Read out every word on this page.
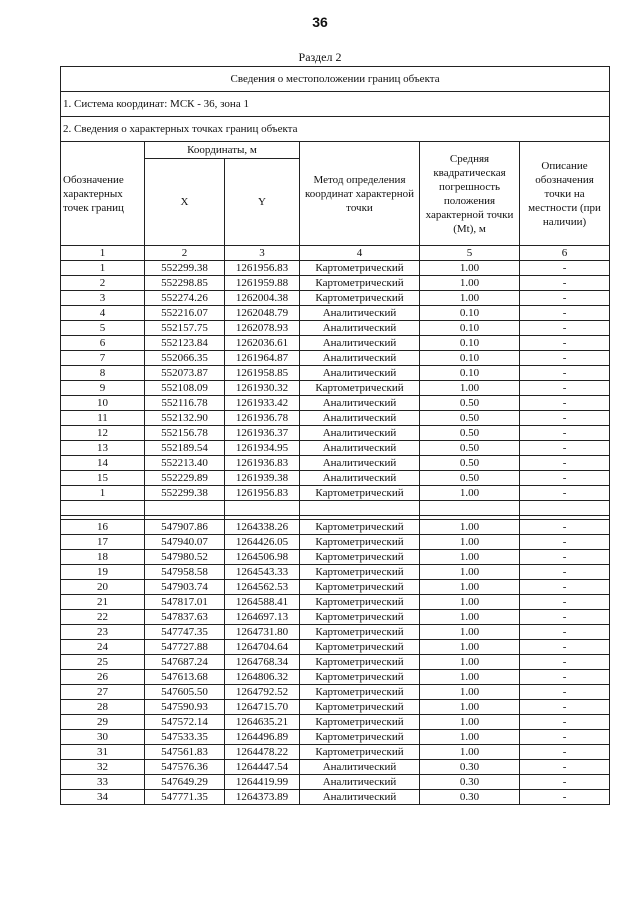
36
Раздел 2
Сведения о местоположении границ объекта					
1. Система координат: МСК - 36, зона 1					
2. Сведения о характерных точках границ объекта					
Обозначение характерных точек границ	Координаты, м		Метод определения координат характерной точки	Средняя квадратическая погрешность положения характерной точки (Mt), м	Описание обозначения точки на местности (при наличии)
	X	Y			
1	2	3	4	5	6
1	552299.38	1261956.83	Картометрический	1.00	-
2	552298.85	1261959.88	Картометрический	1.00	-
3	552274.26	1262004.38	Картометрический	1.00	-
4	552216.07	1262048.79	Аналитический	0.10	-
5	552157.75	1262078.93	Аналитический	0.10	-
6	552123.84	1262036.61	Аналитический	0.10	-
7	552066.35	1261964.87	Аналитический	0.10	-
8	552073.87	1261958.85	Аналитический	0.10	-
9	552108.09	1261930.32	Картометрический	1.00	-
10	552116.78	1261933.42	Аналитический	0.50	-
11	552132.90	1261936.78	Аналитический	0.50	-
12	552156.78	1261936.37	Аналитический	0.50	-
13	552189.54	1261934.95	Аналитический	0.50	-
14	552213.40	1261936.83	Аналитический	0.50	-
15	552229.89	1261939.38	Аналитический	0.50	-
1	552299.38	1261956.83	Картометрический	1.00	-

16	547907.86	1264338.26	Картометрический	1.00	-
17	547940.07	1264426.05	Картометрический	1.00	-
18	547980.52	1264506.98	Картометрический	1.00	-
19	547958.58	1264543.33	Картометрический	1.00	-
20	547903.74	1264562.53	Картометрический	1.00	-
21	547817.01	1264588.41	Картометрический	1.00	-
22	547837.63	1264697.13	Картометрический	1.00	-
23	547747.35	1264731.80	Картометрический	1.00	-
24	547727.88	1264704.64	Картометрический	1.00	-
25	547687.24	1264768.34	Картометрический	1.00	-
26	547613.68	1264806.32	Картометрический	1.00	-
27	547605.50	1264792.52	Картометрический	1.00	-
28	547590.93	1264715.70	Картометрический	1.00	-
29	547572.14	1264635.21	Картометрический	1.00	-
30	547533.35	1264496.89	Картометрический	1.00	-
31	547561.83	1264478.22	Картометрический	1.00	-
32	547576.36	1264447.54	Аналитический	0.30	-
33	547649.29	1264419.99	Аналитический	0.30	-
34	547771.35	1264373.89	Аналитический	0.30	-
